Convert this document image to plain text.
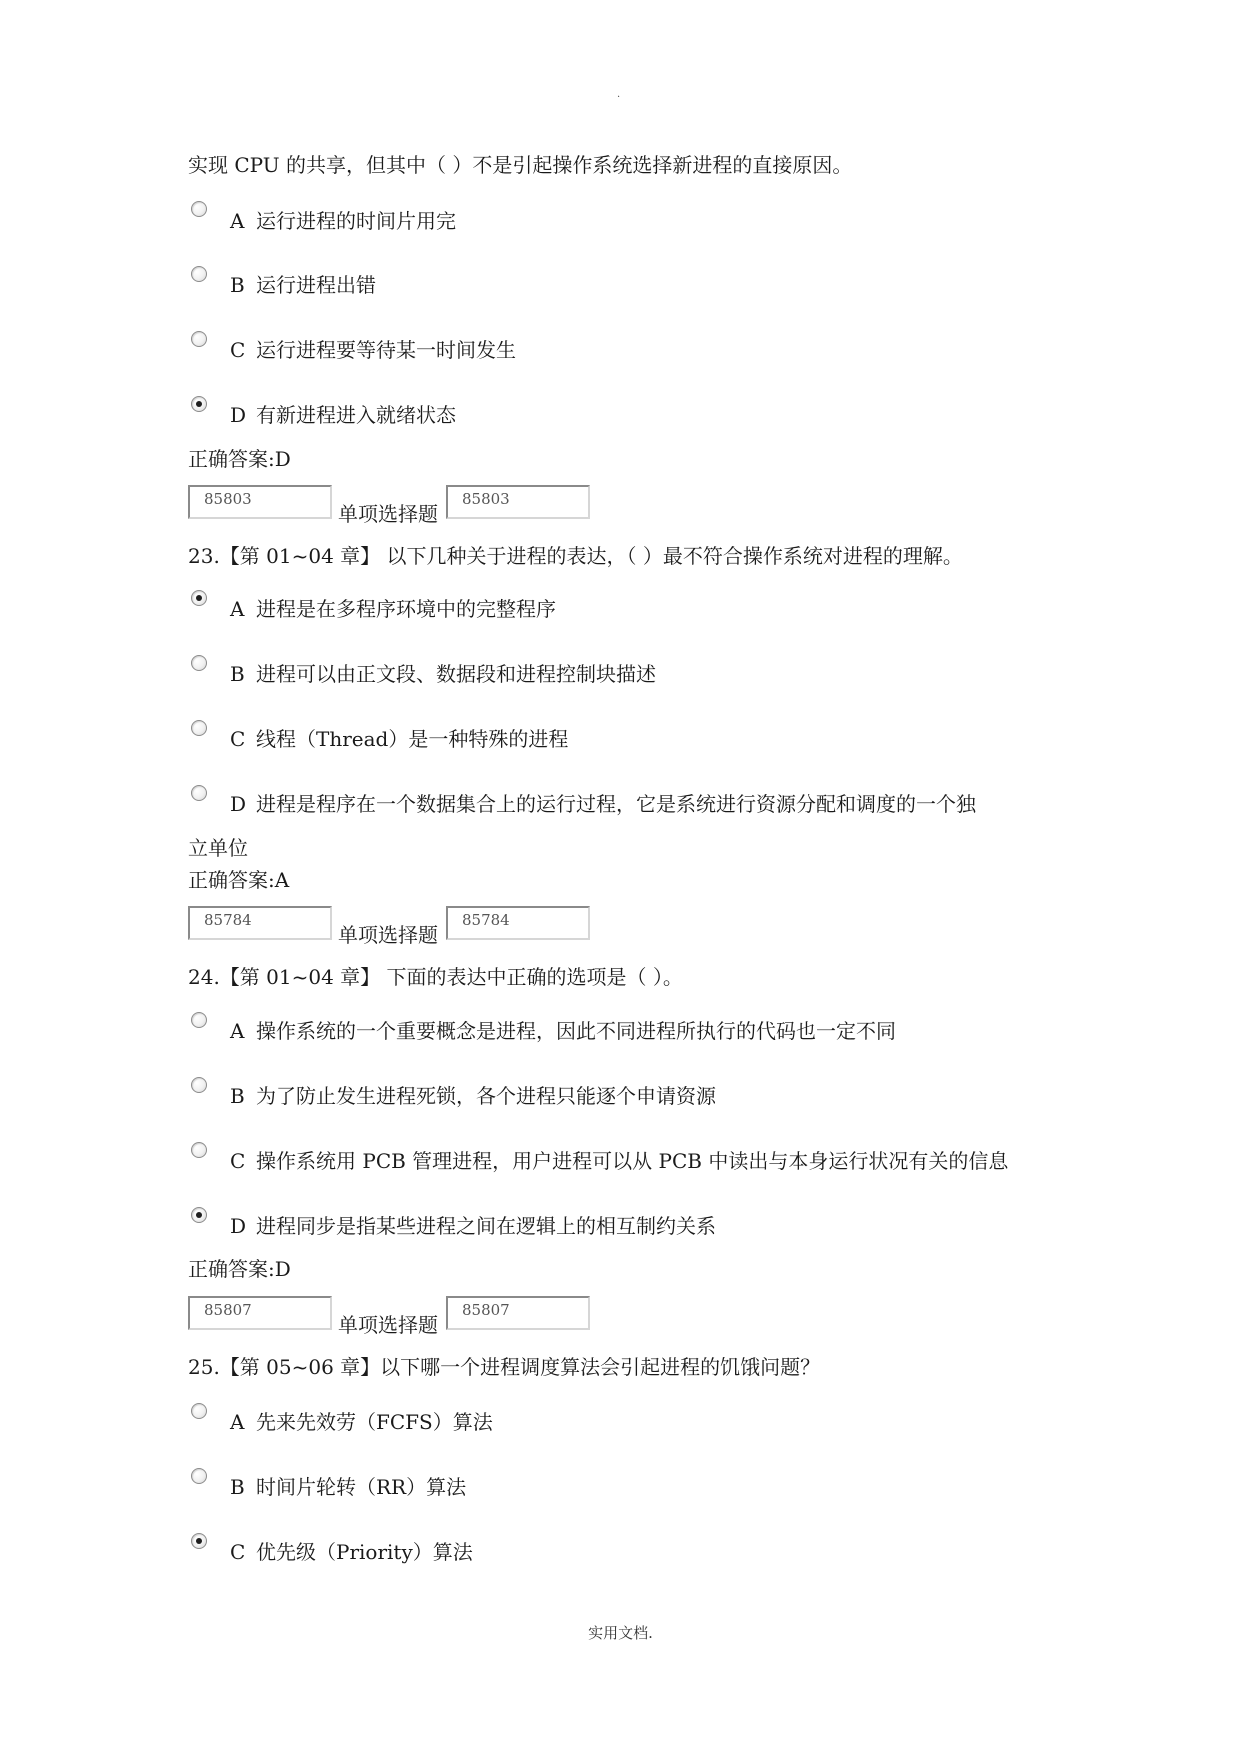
·
实现 CPU 的共享，但其中（ ）不是引起操作系统选择新进程的直接原因。
A 运行进程的时间片用完
B 运行进程出错
C 运行进程要等待某一时间发生
D 有新进程进入就绪状态
正确答案:D
85803
单项选择题
85803
23.【第 01~04 章】 以下几种关于进程的表达，（ ）最不符合操作系统对进程的理解。
A 进程是在多程序环境中的完整程序
B 进程可以由正文段、数据段和进程控制块描述
C 线程（Thread）是一种特殊的进程
D 进程是程序在一个数据集合上的运行过程，它是系统进行资源分配和调度的一个独
立单位
正确答案:A
85784
单项选择题
85784
24.【第 01~04 章】 下面的表达中正确的选项是（ ）。
A 操作系统的一个重要概念是进程，因此不同进程所执行的代码也一定不同
B 为了防止发生进程死锁，各个进程只能逐个申请资源
C 操作系统用 PCB 管理进程，用户进程可以从 PCB 中读出与本身运行状况有关的信息
D 进程同步是指某些进程之间在逻辑上的相互制约关系
正确答案:D
85807
单项选择题
85807
25.【第 05~06 章】以下哪一个进程调度算法会引起进程的饥饿问题？
A 先来先效劳（FCFS）算法
B 时间片轮转（RR）算法
C 优先级（Priority）算法
实用文档.
